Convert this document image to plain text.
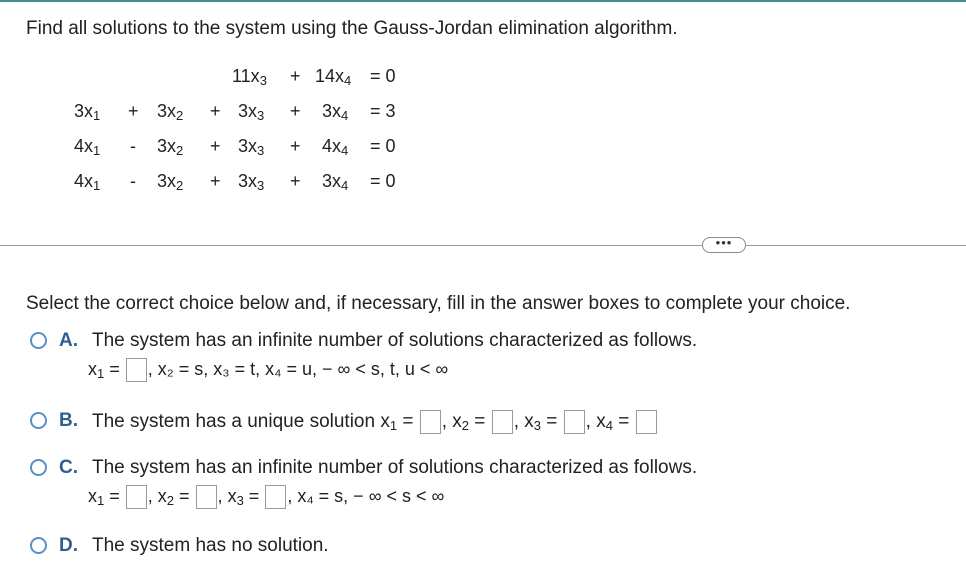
Find all solutions to the system using the Gauss-Jordan elimination algorithm.
$11x_3 + 14x_4 = 0$
$3x_1 + 3x_2 + 3x_3 + 3x_4 = 3$
$4x_1 - 3x_2 + 3x_3 + 4x_4 = 0$
$4x_1 - 3x_2 + 3x_3 + 3x_4 = 0$
•••
Select the correct choice below and, if necessary, fill in the answer boxes to complete your choice.
A. The system has an infinite number of solutions characterized as follows.
$x_1$ = , x₂ = s, x₃ = t, x₄ = u, − ∞ < s, t, u < ∞
B. The system has a unique solution $x_1$ = , $x_2$ = , $x_3$ = , $x_4$ =
C. The system has an infinite number of solutions characterized as follows.
$x_1$ = , $x_2$ = , $x_3$ = , x₄ = s, − ∞ < s < ∞
D. The system has no solution.
